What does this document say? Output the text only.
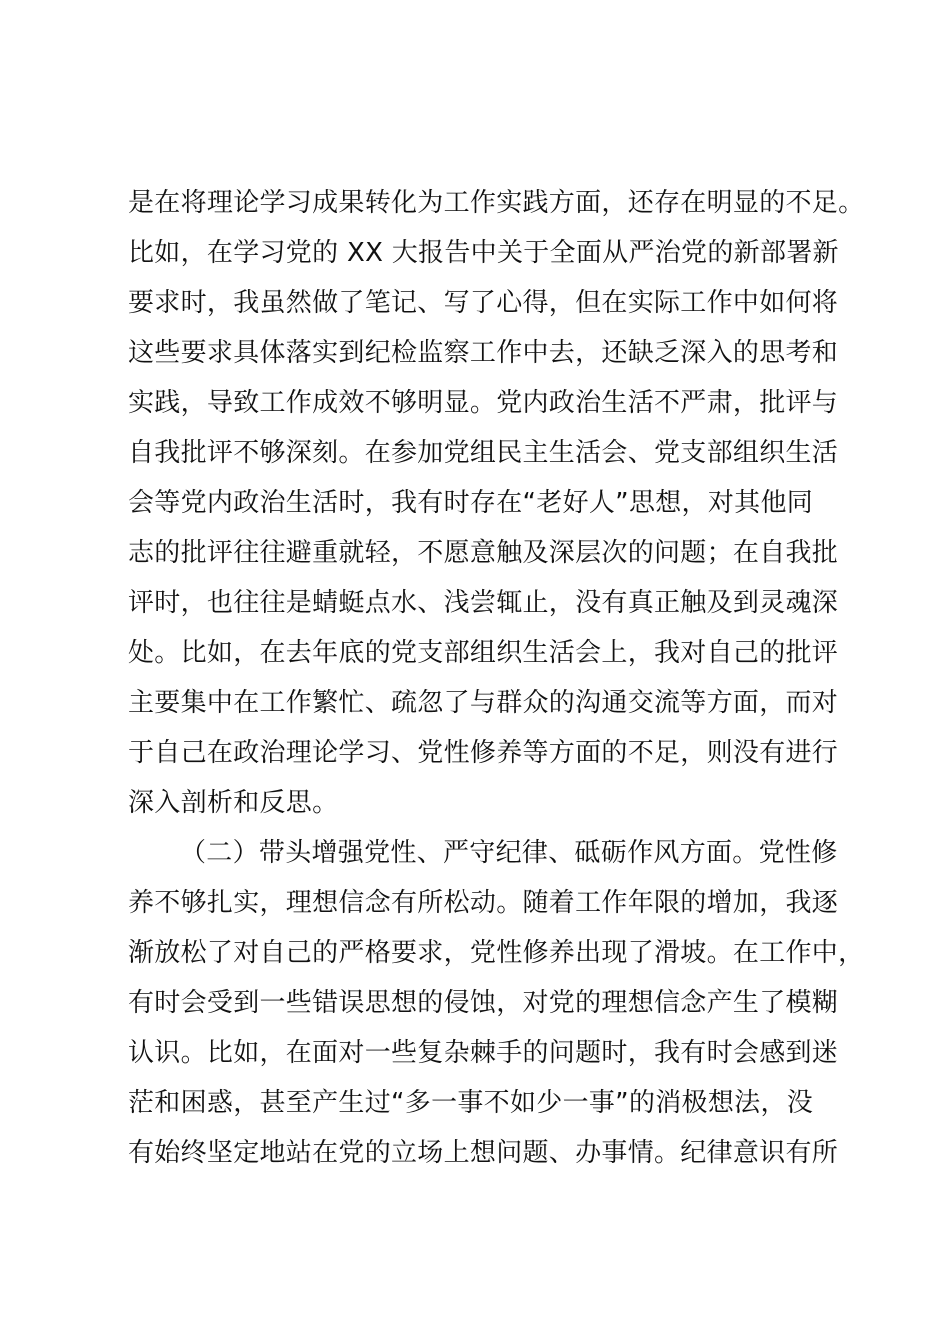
是在将理论学习成果转化为工作实践方面，还存在明显的不足。
比如，在学习党的 XX 大报告中关于全面从严治党的新部署新
要求时，我虽然做了笔记、写了心得，但在实际工作中如何将
这些要求具体落实到纪检监察工作中去，还缺乏深入的思考和
实践，导致工作成效不够明显。党内政治生活不严肃，批评与
自我批评不够深刻。在参加党组民主生活会、党支部组织生活
会等党内政治生活时，我有时存在“老好人”思想，对其他同
志的批评往往避重就轻，不愿意触及深层次的问题；在自我批
评时，也往往是蜻蜓点水、浅尝辄止，没有真正触及到灵魂深
处。比如，在去年底的党支部组织生活会上，我对自己的批评
主要集中在工作繁忙、疏忽了与群众的沟通交流等方面，而对
于自己在政治理论学习、党性修养等方面的不足，则没有进行
深入剖析和反思。
（二）带头增强党性、严守纪律、砥砺作风方面。党性修
养不够扎实，理想信念有所松动。随着工作年限的增加，我逐
渐放松了对自己的严格要求，党性修养出现了滑坡。在工作中，
有时会受到一些错误思想的侵蚀，对党的理想信念产生了模糊
认识。比如，在面对一些复杂棘手的问题时，我有时会感到迷
茫和困惑，甚至产生过“多一事不如少一事”的消极想法，没
有始终坚定地站在党的立场上想问题、办事情。纪律意识有所
